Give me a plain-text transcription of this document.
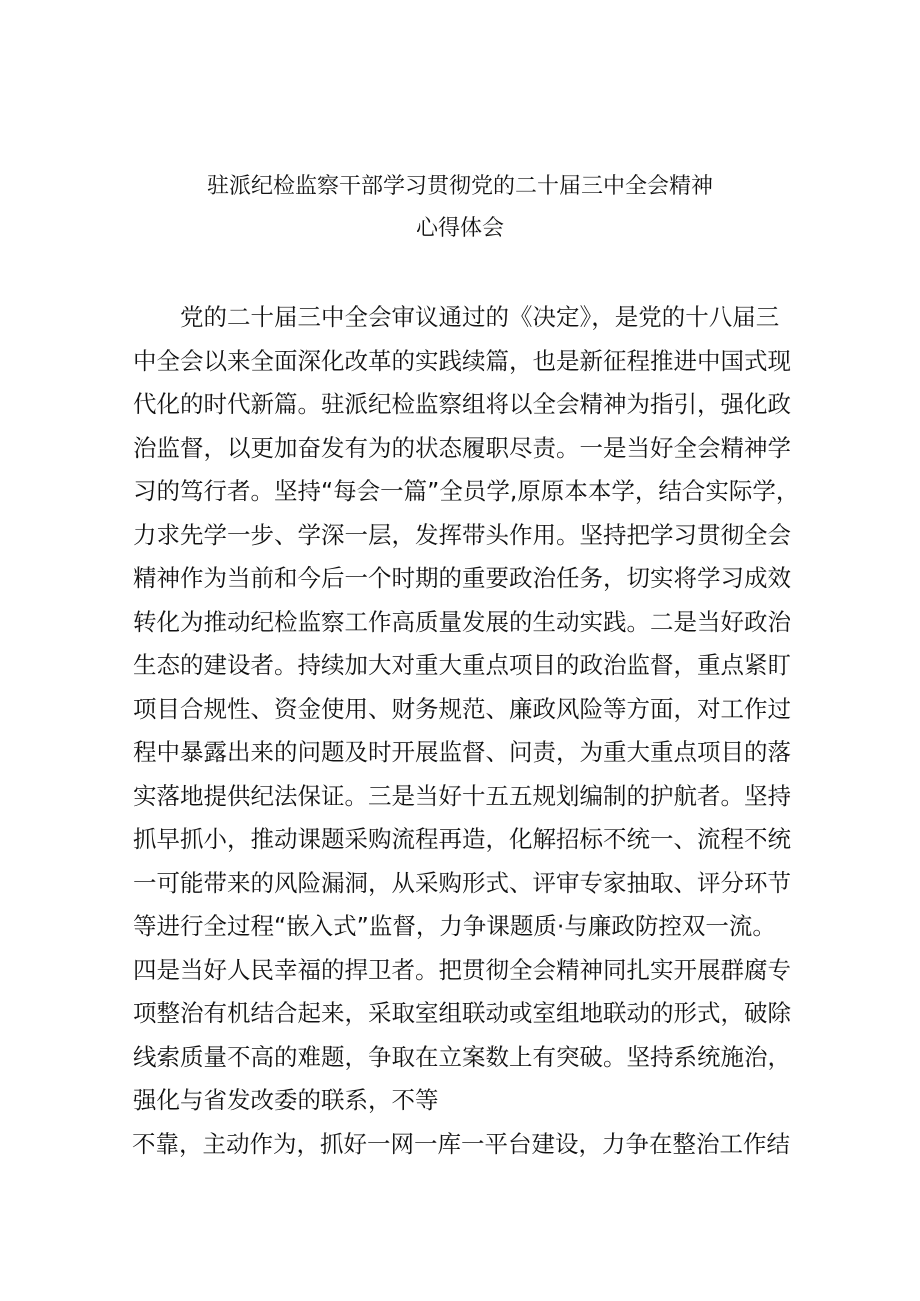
驻派纪检监察干部学习贯彻党的二十届三中全会精神
心得体会
党的二十届三中全会审议通过的《决定》，是党的十八届三
中全会以来全面深化改革的实践续篇，也是新征程推进中国式现
代化的时代新篇。驻派纪检监察组将以全会精神为指引，强化政
治监督，以更加奋发有为的状态履职尽责。一是当好全会精神学
习的笃行者。坚持“每会一篇”全员学,原原本本学，结合实际学，
力求先学一步、学深一层，发挥带头作用。坚持把学习贯彻全会
精神作为当前和今后一个时期的重要政治任务，切实将学习成效
转化为推动纪检监察工作高质量发展的生动实践。二是当好政治
生态的建设者。持续加大对重大重点项目的政治监督，重点紧盯
项目合规性、资金使用、财务规范、廉政风险等方面，对工作过
程中暴露出来的问题及时开展监督、问责，为重大重点项目的落
实落地提供纪法保证。三是当好十五五规划编制的护航者。坚持
抓早抓小，推动课题采购流程再造，化解招标不统一、流程不统
一可能带来的风险漏洞，从采购形式、评审专家抽取、评分环节
等进行全过程“嵌入式”监督，力争课题质·与廉政防控双一流。
四是当好人民幸福的捍卫者。把贯彻全会精神同扎实开展群腐专
项整治有机结合起来，采取室组联动或室组地联动的形式，破除
线索质量不高的难题，争取在立案数上有突破。坚持系统施治，
强化与省发改委的联系，不等
不靠，主动作为，抓好一网一库一平台建设，力争在整治工作结
